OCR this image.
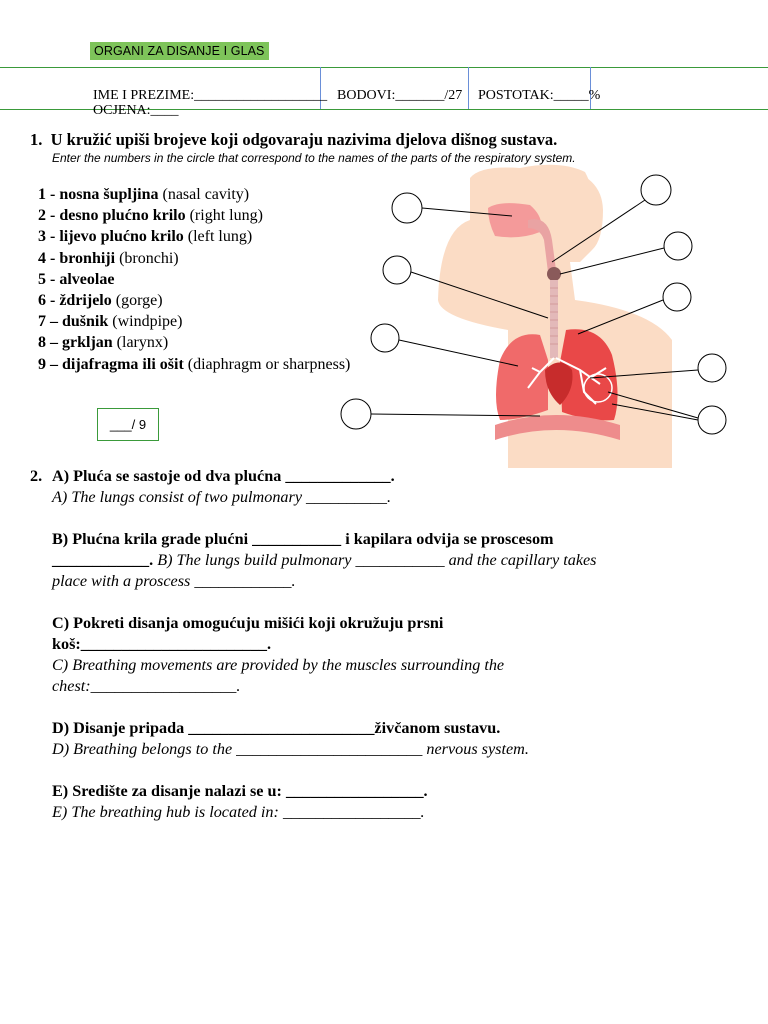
ORGANI ZA DISANJE I GLAS
IME I PREZIME:___________________ BODOVI:_______/27 POSTOTAK:_____%
OCJENA:____
1. U kružić upiši brojeve koji odgovaraju nazivima djelova dišnog sustava.
Enter the numbers in the circle that correspond to the names of the parts of the respiratory system.
1 - nosna šupljina (nasal cavity)
2 - desno plućno krilo (right lung)
3 - lijevo plućno krilo (left lung)
4 - bronhiji (bronchi)
5 - alveolae
6 - ždrijelo (gorge)
7 – dušnik (windpipe)
8 – grkljan (larynx)
9 – dijafragma ili ošit (diaphragm or sharpness)
___/ 9
2. A) Pluća se sastoje od dva plućna _____________.
A) The lungs consist of two pulmonary __________.
B) Plućna krila grade plućni ___________ i kapilara odvija se proscesom
____________. B) The lungs build pulmonary ___________ and the capillary takes
place with a proscess ____________.
C) Pokreti disanja omogućuju mišići koji okružuju prsni
koš:_______________________.
C) Breathing movements are provided by the muscles surrounding the
chest:__________________.
D) Disanje pripada _______________________živčanom sustavu.
D) Breathing belongs to the _______________________ nervous system.
E) Središte za disanje nalazi se u: _________________.
E) The breathing hub is located in: _________________.
